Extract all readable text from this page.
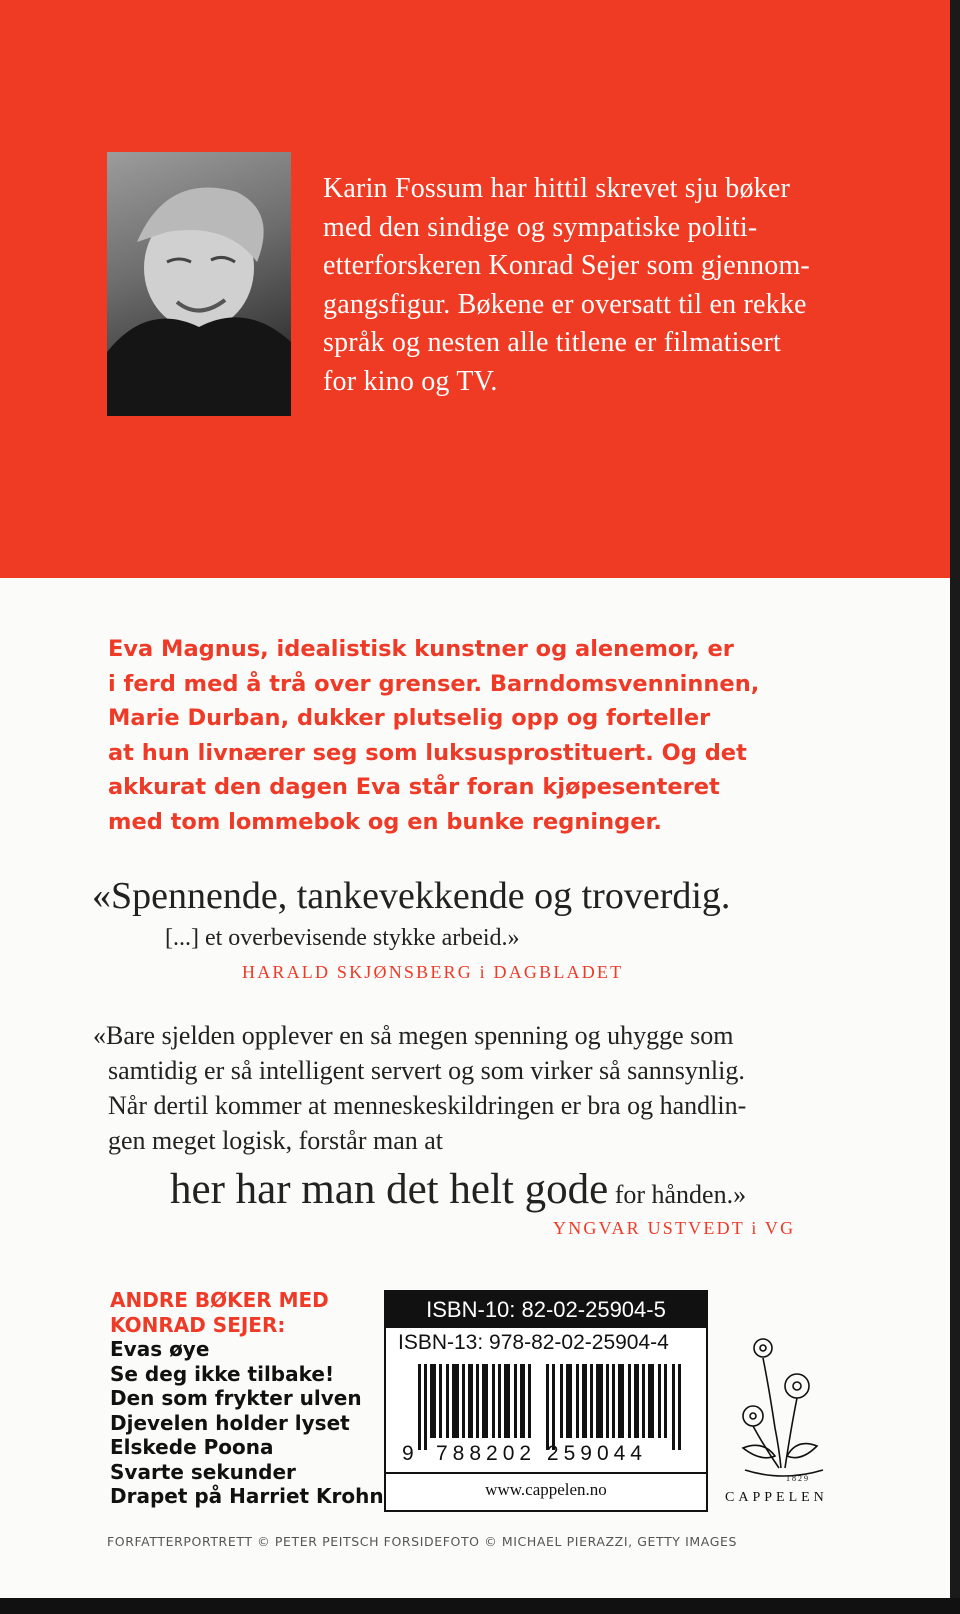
Karin Fossum har hittil skrevet sju bøker
med den sindige og sympatiske politi-
etterforskeren Konrad Sejer som gjennom-
gangsfigur. Bøkene er oversatt til en rekke
språk og nesten alle titlene er filmatisert
for kino og TV.
Eva Magnus, idealistisk kunstner og alenemor, er
i ferd med å trå over grenser. Barndomsvenninnen,
Marie Durban, dukker plutselig opp og forteller
at hun livnærer seg som luksusprostituert. Og det
akkurat den dagen Eva står foran kjøpesenteret
med tom lommebok og en bunke regninger.
«Spennende, tankevekkende og troverdig.
[...] et overbevisende stykke arbeid.»
HARALD SKJØNSBERG i DAGBLADET
«Bare sjelden opplever en så megen spenning og uhygge som
samtidig er så intelligent servert og som virker så sannsynlig.
Når dertil kommer at menneskeskildringen er bra og handlin-
gen meget logisk, forstår man at
her har man det helt gode for hånden.»
YNGVAR USTVEDT i VG
ANDRE BØKER MED
KONRAD SEJER:
Evas øye
Se deg ikke tilbake!
Den som frykter ulven
Djevelen holder lyset
Elskede Poona
Svarte sekunder
Drapet på Harriet Krohn
ISBN-10: 82-02-25904-5
ISBN-13: 978-82-02-25904-4
9 788202 259044
www.cappelen.no
1829
CAPPELEN
FORFATTERPORTRETT © PETER PEITSCH FORSIDEFOTO © MICHAEL PIERAZZI, GETTY IMAGES
